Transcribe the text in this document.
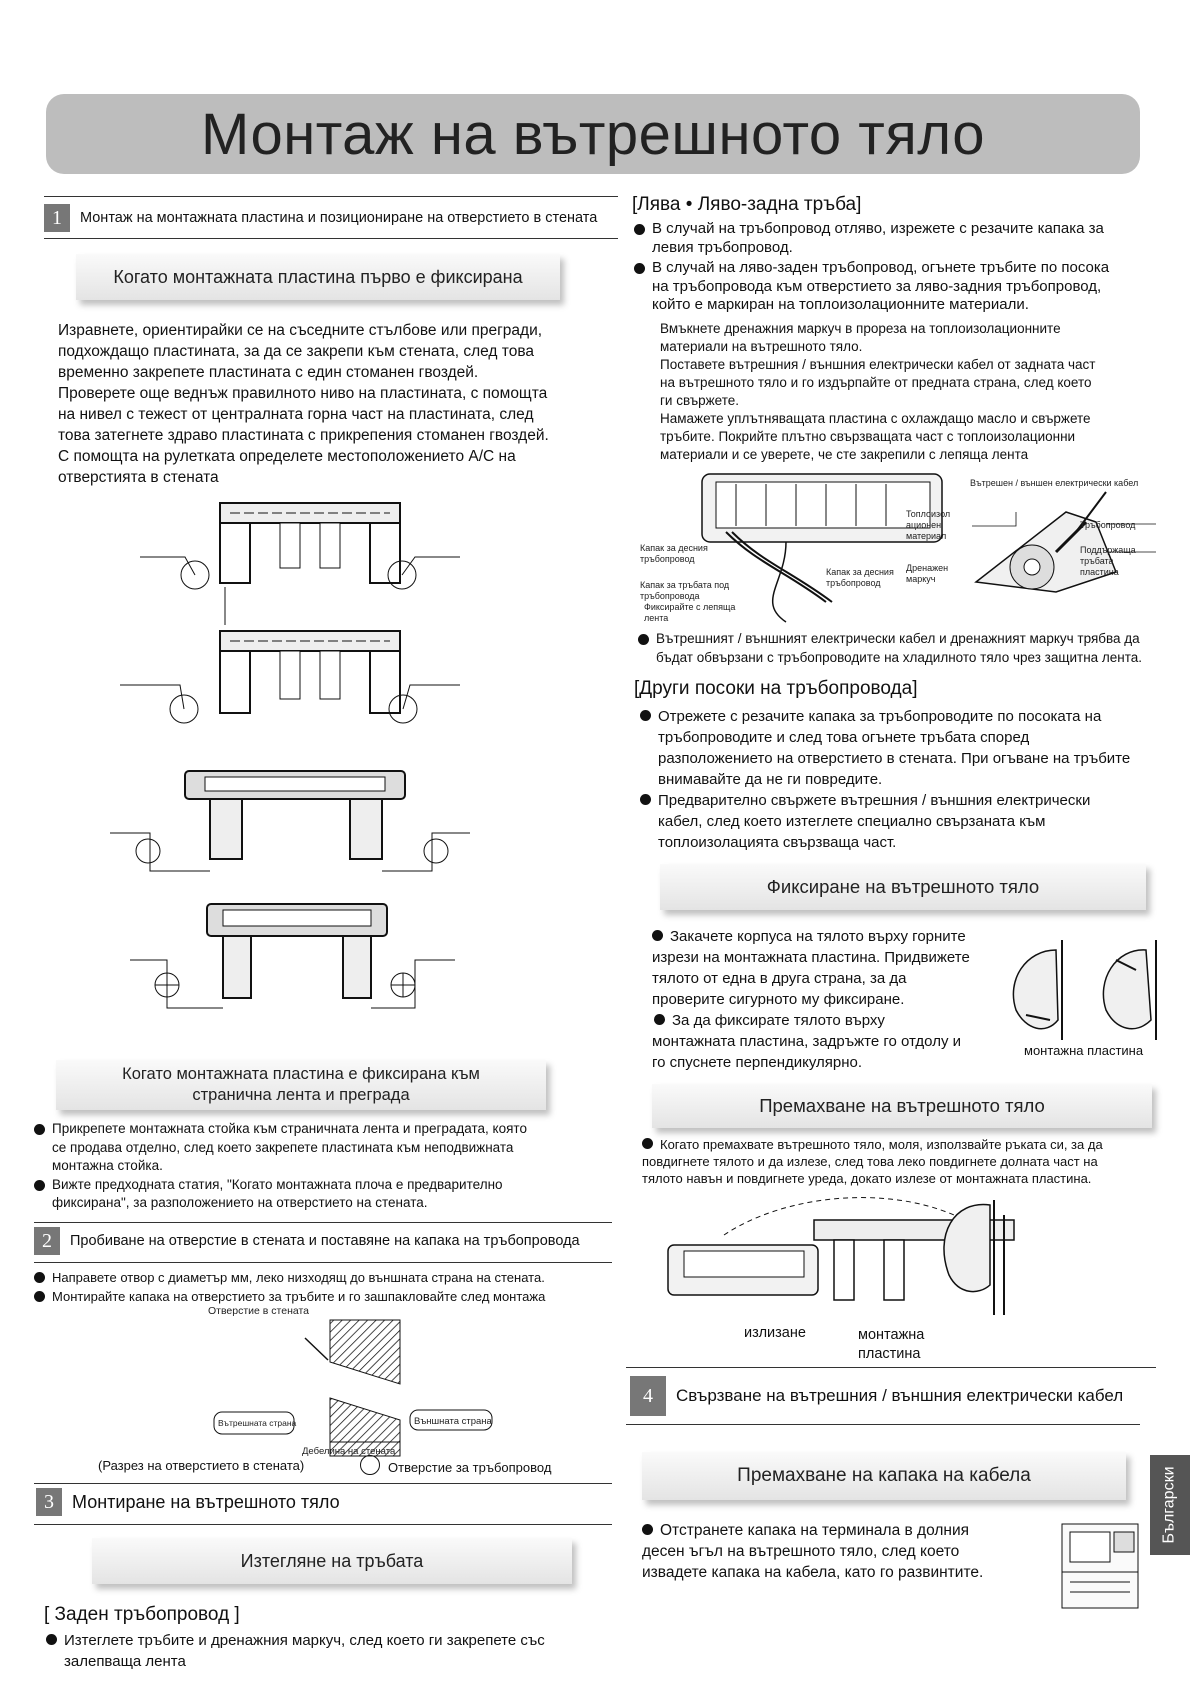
Монтаж на вътрешното тяло
1	Монтаж на монтажната пластина и позициониране на отверстието в стената
Когато монтажната пластина първо е фиксирана

Изравнете, ориентирайки се на съседните стълбове или прегради,

подхождащо пластината, за да се закрепи към стената, след това

временно закрепете пластината с един стоманен гвоздей.

Проверете още веднъж правилното ниво на пластината, с помощта

на нивел с тежест от централната горна част на пластината, след

това затегнете здраво пластината с прикрепения стоманен гвоздей.

С помощта на рулетката определете местоположението A/C на

отверстията в стената

Когато монтажната пластина е фиксирана към
странична лента и преграда
Прикрепете монтажната стойка към страничната лента и преградата, която
се продава отделно, след което закрепете пластината към неподвижната
монтажна стойка.
Вижте предходната статия, "Когато монтажната плоча е предварително
фиксирана", за разположението на отверстието на стената.
2	Пробиване на отверстие в стената и поставяне на капака на тръбопровода
Направете отвор с диаметър мм, леко низходящ до външната страна на стената.
Монтирайте капака на отверстието за тръбите и го зашпакловайте след монтажа
Отверстие в стената
Вътрешната страна	Външната страна
Дебелина на стената
(Разрез на отверстието в стената)	Отверстие за тръбопровод
3	Монтиране на вътрешното тяло
Изтегляне на тръбата
[ Заден тръбопровод ]
Изтеглете тръбите и дренажния маркуч, след което ги закрепете със
залепваща лента
[Лява • Ляво-задна тръба]
В случай на тръбопровод отляво, изрежете с резачите капака за
левия тръбопровод.
В случай на ляво-заден тръбопровод, огънете тръбите по посока
на тръбопровода към отверстието за ляво-задния тръбопровод,
който е маркиран на топлоизолационните материали.
Вмъкнете дренажния маркуч в прореза на топлоизолационните
материали на вътрешното тяло.
Поставете вътрешния / външния електрически кабел от задната част
на вътрешното тяло и го издърпайте от предната страна, след което
ги свържете.
Намажете уплътняващата пластина с охлаждащо масло и свържете
тръбите. Покрийте плътно свързващата част с топлоизолационни
материали и се уверете, че сте закрепили с лепяща лента
Вътрешен / външен електрически кабел
Топлоизол
ационен
материал
Тръбопровод
Поддържаща
тръбата
пластина
Дренажен
маркуч
Капак за десния
тръбопровод
Капак за десния
тръбопровод
Капак за тръбата под
тръбопровода
Фиксирайте с лепяща
лента
Вътрешният / външният електрически кабел и дренажният маркуч трябва да
бъдат обвързани с тръбопроводите на хладилното тяло чрез защитна лента.
[Други посоки на тръбопровода]
Отрежете с резачите капака за тръбопроводите по посоката на
тръбопроводите и след това огънете тръбата според
разположението на отверстието в стената. При огъване на тръбите
внимавайте да не ги повредите.
Предварително свържете вътрешния / външния електрически
кабел, след което изтеглете специално свързаната към
топлоизолацията свързваща част.
Фиксиране на вътрешното тяло
Закачете корпуса на тялото върху горните
изрези на монтажната пластина. Придвижете
тялото от една в друга страна, за да
проверите сигурното му фиксиране.
За да фиксирате тялото върху
монтажната пластина, задръжте го отдолу и
го спуснете перпендикулярно.
монтажна пластина
Премахване на вътрешното тяло
Когато премахвате вътрешното тяло, моля, използвайте ръката си, за да
повдигнете тялото и да излезе, след това леко повдигнете долната част на
тялото навън и повдигнете уреда, докато излезе от монтажната пластина.
излизане	монтажна
пластина
4	Свързване на вътрешния / външния електрически кабел
Премахване на капака на кабела
Отстранете капака на терминала в долния
десен ъгъл на вътрешното тяло, след което
извадете капака на кабела, като го развинтите.
Български
